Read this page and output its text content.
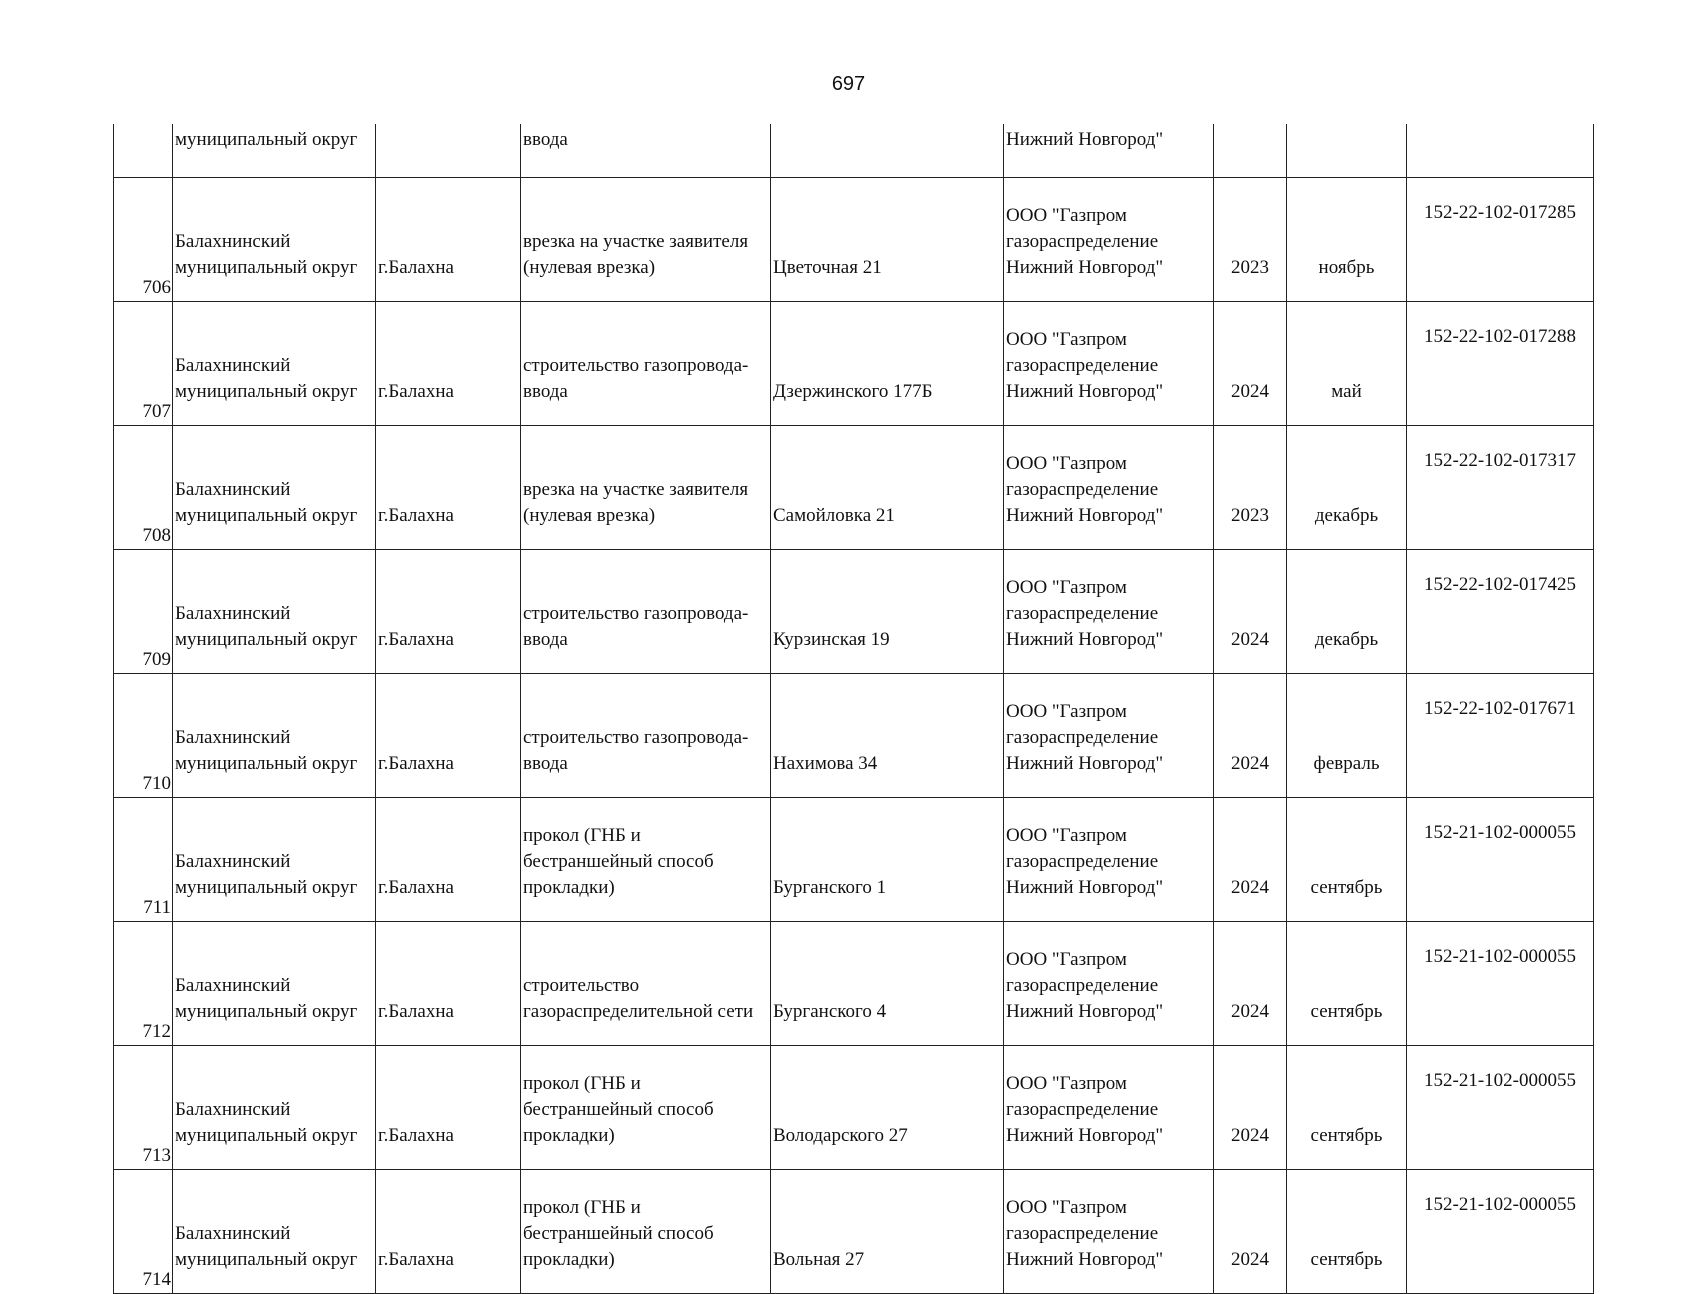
697
	муниципальный округ		ввода		Нижний Новгород"			
706	Балахнинский муниципальный округ	г.Балахна	врезка на участке заявителя (нулевая врезка)	Цветочная 21	ООО "Газпром газораспределение Нижний Новгород"	2023	ноябрь	152-22-102-017285
707	Балахнинский муниципальный округ	г.Балахна	строительство газопровода-ввода	Дзержинского 177Б	ООО "Газпром газораспределение Нижний Новгород"	2024	май	152-22-102-017288
708	Балахнинский муниципальный округ	г.Балахна	врезка на участке заявителя (нулевая врезка)	Самойловка 21	ООО "Газпром газораспределение Нижний Новгород"	2023	декабрь	152-22-102-017317
709	Балахнинский муниципальный округ	г.Балахна	строительство газопровода-ввода	Курзинская 19	ООО "Газпром газораспределение Нижний Новгород"	2024	декабрь	152-22-102-017425
710	Балахнинский муниципальный округ	г.Балахна	строительство газопровода-ввода	Нахимова 34	ООО "Газпром газораспределение Нижний Новгород"	2024	февраль	152-22-102-017671
711	Балахнинский муниципальный округ	г.Балахна	прокол (ГНБ и бестраншейный способ прокладки)	Бурганского 1	ООО "Газпром газораспределение Нижний Новгород"	2024	сентябрь	152-21-102-000055
712	Балахнинский муниципальный округ	г.Балахна	строительство газораспределительной сети	Бурганского 4	ООО "Газпром газораспределение Нижний Новгород"	2024	сентябрь	152-21-102-000055
713	Балахнинский муниципальный округ	г.Балахна	прокол (ГНБ и бестраншейный способ прокладки)	Володарского 27	ООО "Газпром газораспределение Нижний Новгород"	2024	сентябрь	152-21-102-000055
714	Балахнинский муниципальный округ	г.Балахна	прокол (ГНБ и бестраншейный способ прокладки)	Вольная 27	ООО "Газпром газораспределение Нижний Новгород"	2024	сентябрь	152-21-102-000055
